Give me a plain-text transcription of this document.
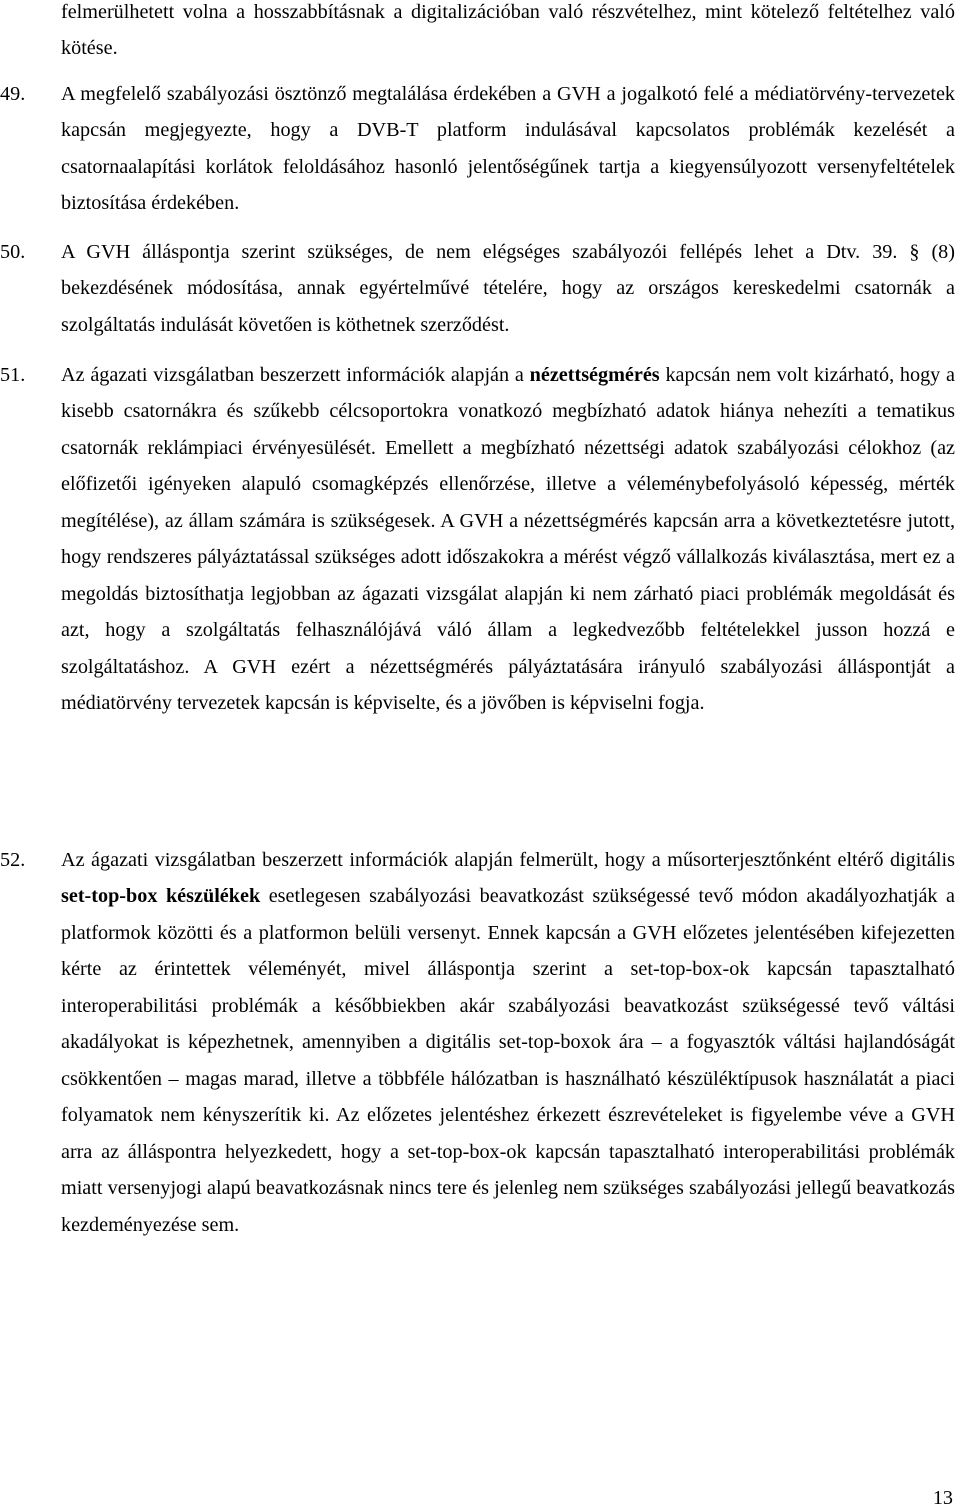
felmerülhetett volna a hosszabbításnak a digitalizációban való részvételhez, mint kötelező feltételhez való kötése.
49. A megfelelő szabályozási ösztönző megtalálása érdekében a GVH a jogalkotó felé a médiatörvény-tervezetek kapcsán megjegyezte, hogy a DVB-T platform indulásával kapcsolatos problémák kezelését a csatornaalapítási korlátok feloldásához hasonló jelentőségűnek tartja a kiegyensúlyozott versenyfeltételek biztosítása érdekében.
50. A GVH álláspontja szerint szükséges, de nem elégséges szabályozói fellépés lehet a Dtv. 39. § (8) bekezdésének módosítása, annak egyértelművé tételére, hogy az országos kereskedelmi csatornák a szolgáltatás indulását követően is köthetnek szerződést.
51. Az ágazati vizsgálatban beszerzett információk alapján a nézettségmérés kapcsán nem volt kizárható, hogy a kisebb csatornákra és szűkebb célcsoportokra vonatkozó megbízható adatok hiánya nehezíti a tematikus csatornák reklámpiaci érvényesülését. Emellett a megbízható nézettségi adatok szabályozási célokhoz (az előfizetői igényeken alapuló csomagképzés ellenőrzése, illetve a véleménybefolyásoló képesség, mérték megítélése), az állam számára is szükségesek. A GVH a nézettségmérés kapcsán arra a következtetésre jutott, hogy rendszeres pályáztatással szükséges adott időszakokra a mérést végző vállalkozás kiválasztása, mert ez a megoldás biztosíthatja legjobban az ágazati vizsgálat alapján ki nem zárható piaci problémák megoldását és azt, hogy a szolgáltatás felhasználójává váló állam a legkedvezőbb feltételekkel jusson hozzá e szolgáltatáshoz. A GVH ezért a nézettségmérés pályáztatására irányuló szabályozási álláspontját a médiatörvény tervezetek kapcsán is képviselte, és a jövőben is képviselni fogja.
52. Az ágazati vizsgálatban beszerzett információk alapján felmerült, hogy a műsorterjesztőnként eltérő digitális set-top-box készülékek esetlegesen szabályozási beavatkozást szükségessé tevő módon akadályozhatják a platformok közötti és a platformon belüli versenyt. Ennek kapcsán a GVH előzetes jelentésében kifejezetten kérte az érintettek véleményét, mivel álláspontja szerint a set-top-box-ok kapcsán tapasztalható interoperabilitási problémák a későbbiekben akár szabályozási beavatkozást szükségessé tevő váltási akadályokat is képezhetnek, amennyiben a digitális set-top-boxok ára – a fogyasztók váltási hajlandóságát csökkentően – magas marad, illetve a többféle hálózatban is használható készüléktípusok használatát a piaci folyamatok nem kényszerítik ki. Az előzetes jelentéshez érkezett észrevételeket is figyelembe véve a GVH arra az álláspontra helyezkedett, hogy a set-top-box-ok kapcsán tapasztalható interoperabilitási problémák miatt versenyjogi alapú beavatkozásnak nincs tere és jelenleg nem szükséges szabályozási jellegű beavatkozás kezdeményezése sem.
13
